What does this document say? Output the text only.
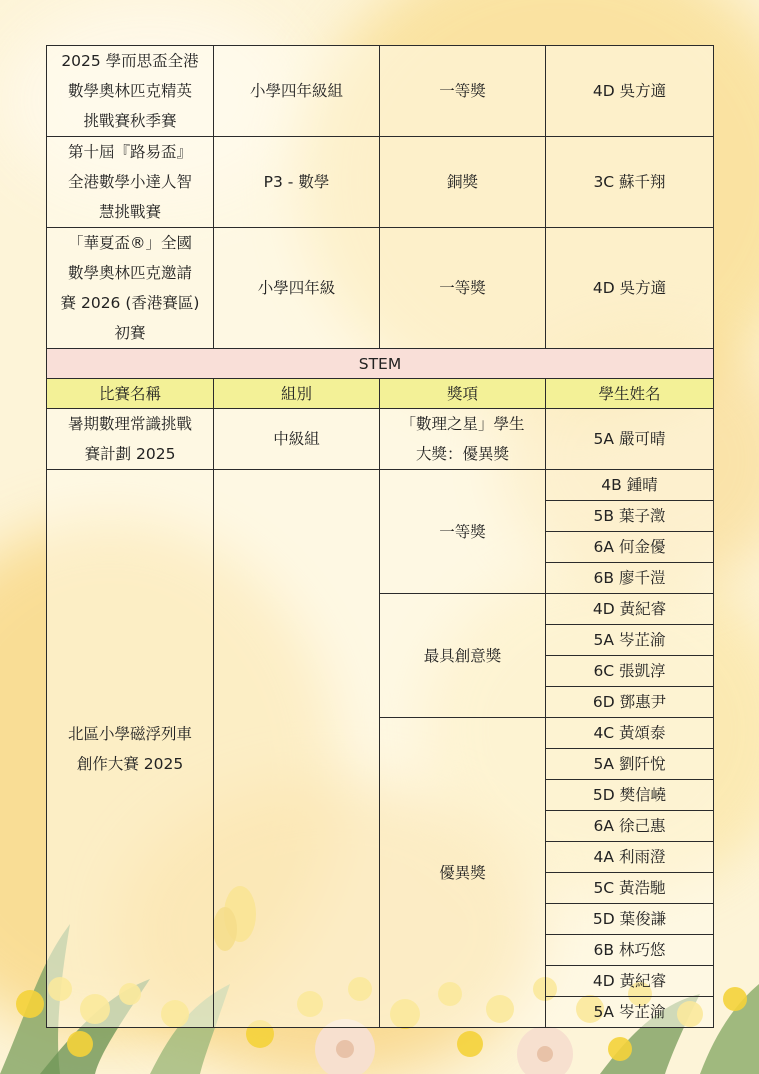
2025 學而思盃全港
數學奧林匹克精英
挑戰賽秋季賽	小學四年級組	一等獎	4D 吳方適
第十屆『路易盃』
全港數學小達人智
慧挑戰賽	P3 - 數學	銅獎	3C 蘇千翔
「華夏盃®」全國
數學奧林匹克邀請
賽 2026 (香港賽區)
初賽	小學四年級	一等獎	4D 吳方適
STEM			
比賽名稱	組別	獎項	學生姓名
暑期數理常識挑戰
賽計劃 2025	中級組	「數理之星」學生
大獎：優異獎	5A 嚴可晴
北區小學磁浮列車
創作大賽 2025		一等獎	4B 鍾晴
			5B 葉子澂
			6A 何金優
			6B 廖千溰
		最具創意獎	4D 黃紀睿
			5A 岑芷渝
			6C 張凱淳
			6D 鄧惠尹
		優異獎	4C 黃頌泰
			5A 劉阡悅
			5D 樊信嶢
			6A 徐己惠
			4A 利雨澄
			5C 黃浩馳
			5D 葉俊謙
			6B 林巧悠
			4D 黃紀睿
			5A 岑芷渝
